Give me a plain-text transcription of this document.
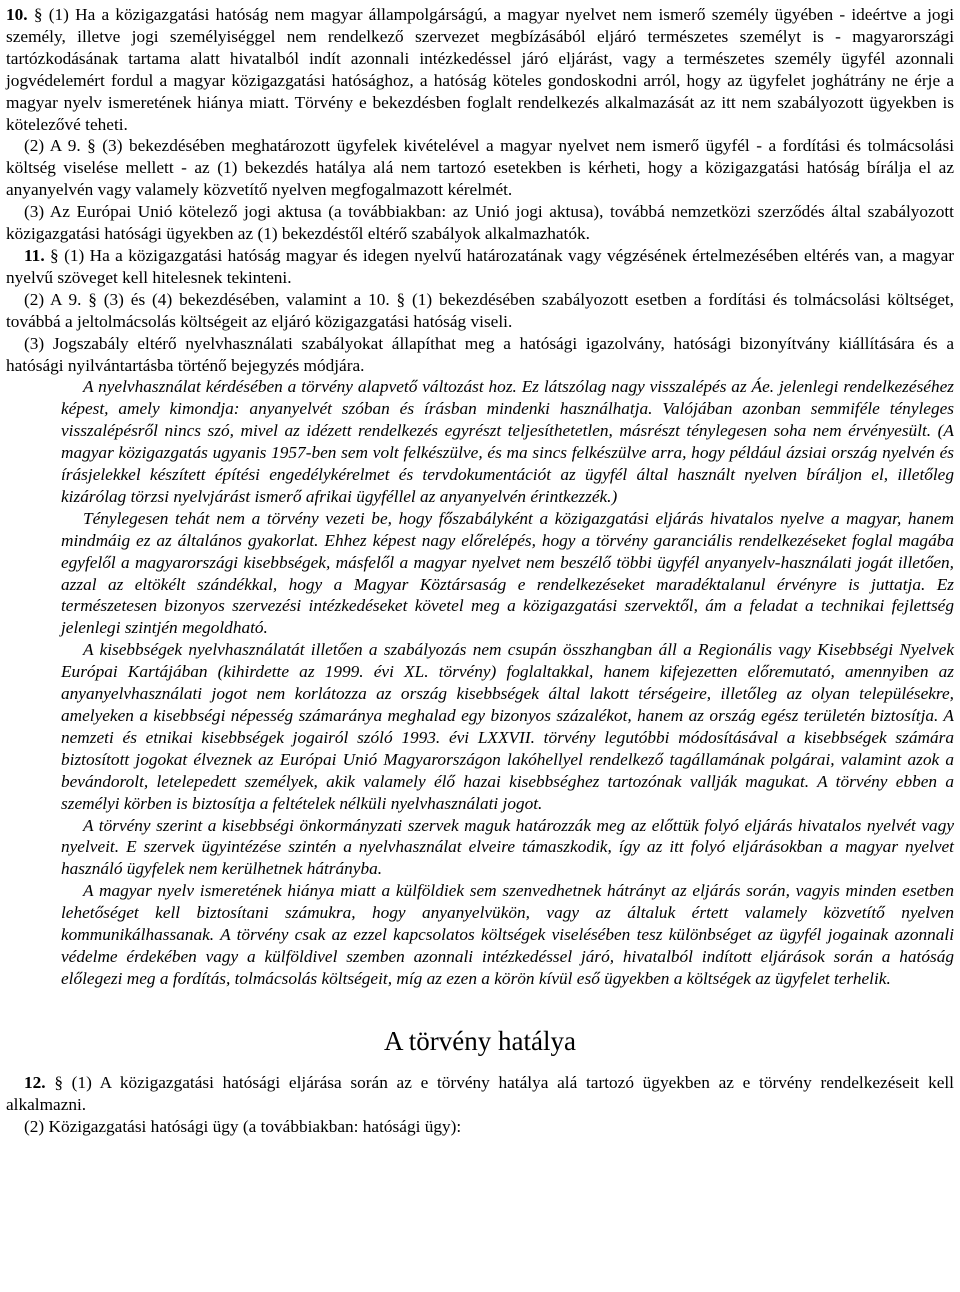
10. § (1) Ha a közigazgatási hatóság nem magyar állampolgárságú, a magyar nyelvet nem ismerő személy ügyében - ideértve a jogi személy, illetve jogi személyiséggel nem rendelkező szervezet megbízásából eljáró természetes személyt is - magyarországi tartózkodásának tartama alatt hivatalból indít azonnali intézkedéssel járó eljárást, vagy a természetes személy ügyfél azonnali jogvédelemért fordul a magyar közigazgatási hatósághoz, a hatóság köteles gondoskodni arról, hogy az ügyfelet joghátrány ne érje a magyar nyelv ismeretének hiánya miatt. Törvény e bekezdésben foglalt rendelkezés alkalmazását az itt nem szabályozott ügyekben is kötelezővé teheti.

(2) A 9. § (3) bekezdésében meghatározott ügyfelek kivételével a magyar nyelvet nem ismerő ügyfél - a fordítási és tolmácsolási költség viselése mellett - az (1) bekezdés hatálya alá nem tartozó esetekben is kérheti, hogy a közigazgatási hatóság bírálja el az anyanyelvén vagy valamely közvetítő nyelven megfogalmazott kérelmét.

(3) Az Európai Unió kötelező jogi aktusa (a továbbiakban: az Unió jogi aktusa), továbbá nemzetközi szerződés által szabályozott közigazgatási hatósági ügyekben az (1) bekezdéstől eltérő szabályok alkalmazhatók.

11. § (1) Ha a közigazgatási hatóság magyar és idegen nyelvű határozatának vagy végzésének értelmezésében eltérés van, a magyar nyelvű szöveget kell hitelesnek tekinteni.

(2) A 9. § (3) és (4) bekezdésében, valamint a 10. § (1) bekezdésében szabályozott esetben a fordítási és tolmácsolási költséget, továbbá a jeltolmácsolás költségeit az eljáró közigazgatási hatóság viseli.

(3) Jogszabály eltérő nyelvhasználati szabályokat állapíthat meg a hatósági igazolvány, hatósági bizonyítvány kiállítására és a hatósági nyilvántartásba történő bejegyzés módjára.

A nyelvhasználat kérdésében a törvény alapvető változást hoz. Ez látszólag nagy visszalépés az Áe. jelenlegi rendelkezéséhez képest, amely kimondja: anyanyelvét szóban és írásban mindenki használhatja. Valójában azonban semmiféle tényleges visszalépésről nincs szó, mivel az idézett rendelkezés egyrészt teljesíthetetlen, másrészt ténylegesen soha nem érvényesült. (A magyar közigazgatás ugyanis 1957-ben sem volt felkészülve, és ma sincs felkészülve arra, hogy például ázsiai ország nyelvén és írásjelekkel készített építési engedélykérelmet és tervdokumentációt az ügyfél által használt nyelven bíráljon el, illetőleg kizárólag törzsi nyelvjárást ismerő afrikai ügyféllel az anyanyelvén érintkezzék.)

Ténylegesen tehát nem a törvény vezeti be, hogy főszabályként a közigazgatási eljárás hivatalos nyelve a magyar, hanem mindmáig ez az általános gyakorlat. Ehhez képest nagy előrelépés, hogy a törvény garanciális rendelkezéseket foglal magába egyfelől a magyarországi kisebbségek, másfelől a magyar nyelvet nem beszélő többi ügyfél anyanyelv-használati jogát illetően, azzal az eltökélt szándékkal, hogy a Magyar Köztársaság e rendelkezéseket maradéktalanul érvényre is juttatja. Ez természetesen bizonyos szervezési intézkedéseket követel meg a közigazgatási szervektől, ám a feladat a technikai fejlettség jelenlegi szintjén megoldható.

A kisebbségek nyelvhasználatát illetően a szabályozás nem csupán összhangban áll a Regionális vagy Kisebbségi Nyelvek Európai Kartájában (kihirdette az 1999. évi XL. törvény) foglaltakkal, hanem kifejezetten előremutató, amennyiben az anyanyelvhasználati jogot nem korlátozza az ország kisebbségek által lakott térségeire, illetőleg az olyan településekre, amelyeken a kisebbségi népesség számaránya meghalad egy bizonyos százalékot, hanem az ország egész területén biztosítja. A nemzeti és etnikai kisebbségek jogairól szóló 1993. évi LXXVII. törvény legutóbbi módosításával a kisebbségek számára biztosított jogokat élveznek az Európai Unió Magyarországon lakóhellyel rendelkező tagállamának polgárai, valamint azok a bevándorolt, letelepedett személyek, akik valamely élő hazai kisebbséghez tartozónak vallják magukat. A törvény ebben a személyi körben is biztosítja a feltételek nélküli nyelvhasználati jogot.

A törvény szerint a kisebbségi önkormányzati szervek maguk határozzák meg az előttük folyó eljárás hivatalos nyelvét vagy nyelveit. E szervek ügyintézése szintén a nyelvhasználat elveire támaszkodik, így az itt folyó eljárásokban a magyar nyelvet használó ügyfelek nem kerülhetnek hátrányba.

A magyar nyelv ismeretének hiánya miatt a külföldiek sem szenvedhetnek hátrányt az eljárás során, vagyis minden esetben lehetőséget kell biztosítani számukra, hogy anyanyelvükön, vagy az általuk értett valamely közvetítő nyelven kommunikálhassanak. A törvény csak az ezzel kapcsolatos költségek viselésében tesz különbséget az ügyfél jogainak azonnali védelme érdekében vagy a külföldivel szemben azonnali intézkedéssel járó, hivatalból indított eljárások során a hatóság előlegezi meg a fordítás, tolmácsolás költségeit, míg az ezen a körön kívül eső ügyekben a költségek az ügyfelet terhelik.

A törvény hatálya

12. § (1) A közigazgatási hatósági eljárása során az e törvény hatálya alá tartozó ügyekben az e törvény rendelkezéseit kell alkalmazni.

(2) Közigazgatási hatósági ügy (a továbbiakban: hatósági ügy):
